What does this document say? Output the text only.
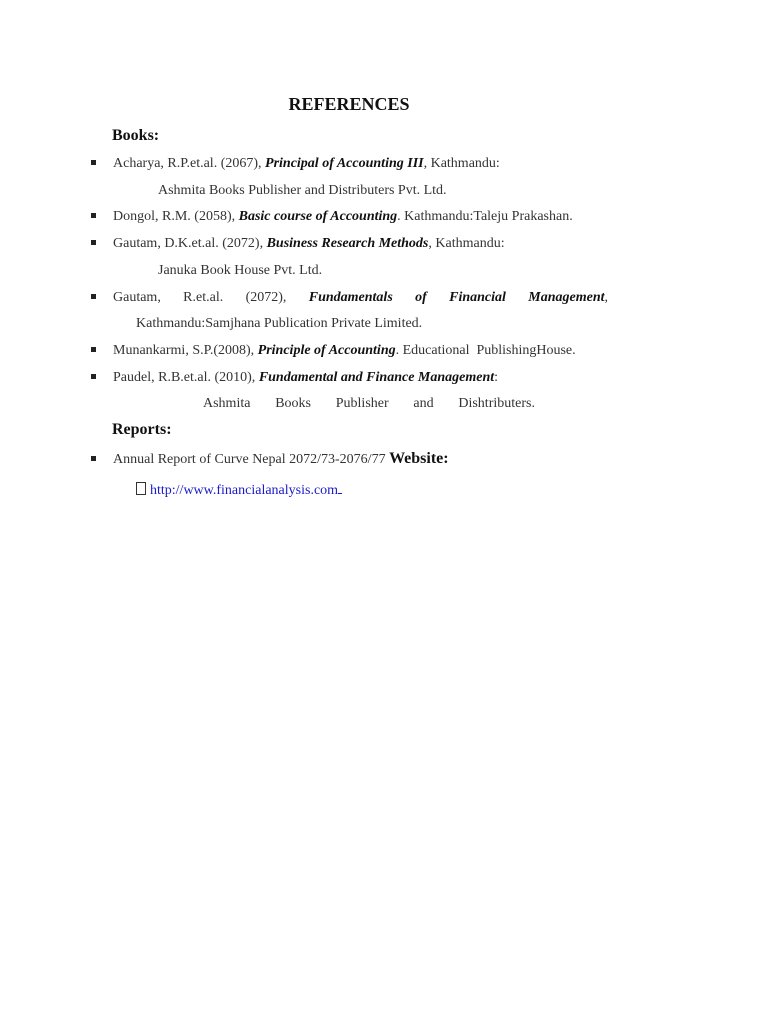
REFERENCES
Books:
Acharya, R.P.et.al. (2067), Principal of Accounting III, Kathmandu:
Ashmita Books Publisher and Distributers Pvt. Ltd.
Dongol, R.M. (2058), Basic course of Accounting. Kathmandu:Taleju Prakashan.
Gautam, D.K.et.al. (2072), Business Research Methods, Kathmandu:
Januka Book House Pvt. Ltd.
Gautam, R.et.al. (2072), Fundamentals of Financial Management,
Kathmandu:Samjhana Publication Private Limited.
Munankarmi, S.P.(2008), Principle of Accounting. Educational  PublishingHouse.
Paudel, R.B.et.al. (2010), Fundamental and Finance Management:
Ashmita Books Publisher and Dishtributers.
Reports:
Annual Report of Curve Nepal 2072/73-2076/77 Website:
http://www.financialanalysis.com
